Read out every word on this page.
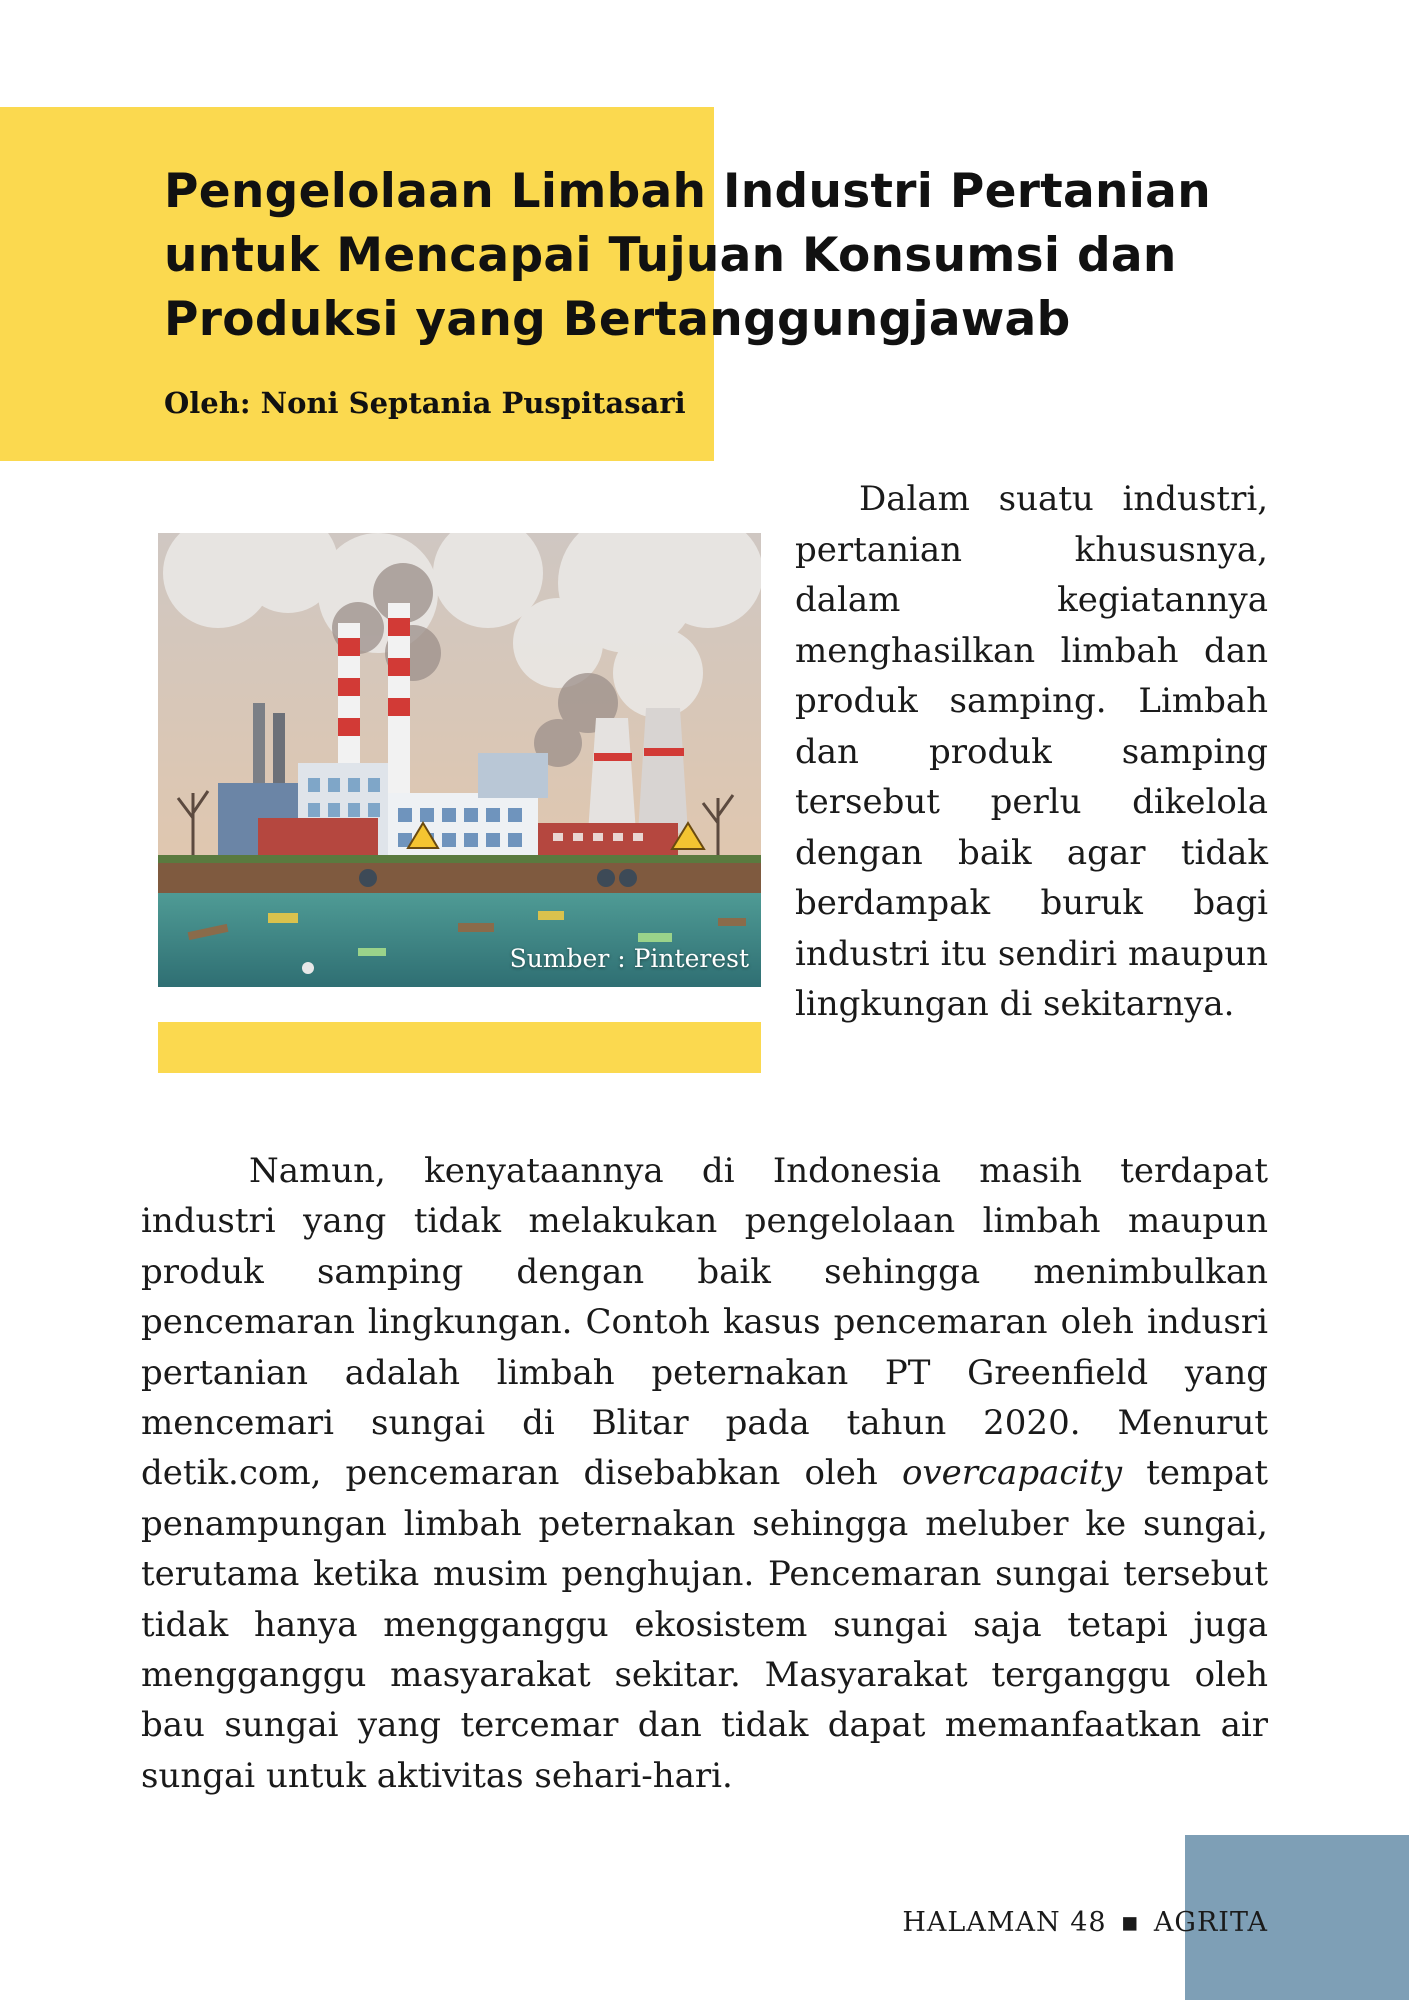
Pengelolaan Limbah Industri Pertanian untuk Mencapai Tujuan Konsumsi dan Produksi yang Bertanggungjawab

Oleh: Noni Septania Puspitasari

Sumber : Pinterest

Dalam suatu industri, pertanian khususnya, dalam kegiatannya menghasilkan limbah dan produk samping. Limbah dan produk samping tersebut perlu dikelola dengan baik agar tidak berdampak buruk bagi industri itu sendiri maupun lingkungan di sekitarnya.

Namun, kenyataannya di Indonesia masih terdapat industri yang tidak melakukan pengelolaan limbah maupun produk samping dengan baik sehingga menimbulkan pencemaran lingkungan. Contoh kasus pencemaran oleh indusri pertanian adalah limbah peternakan PT Greenfield yang mencemari sungai di Blitar pada tahun 2020. Menurut detik.com, pencemaran disebabkan oleh overcapacity tempat penampungan limbah peternakan sehingga meluber ke sungai, terutama ketika musim penghujan. Pencemaran sungai tersebut tidak hanya mengganggu ekosistem sungai saja tetapi juga mengganggu masyarakat sekitar. Masyarakat terganggu oleh bau sungai yang tercemar dan tidak dapat memanfaatkan air sungai untuk aktivitas sehari-hari.

HALAMAN 48 ▪ AGRITA
